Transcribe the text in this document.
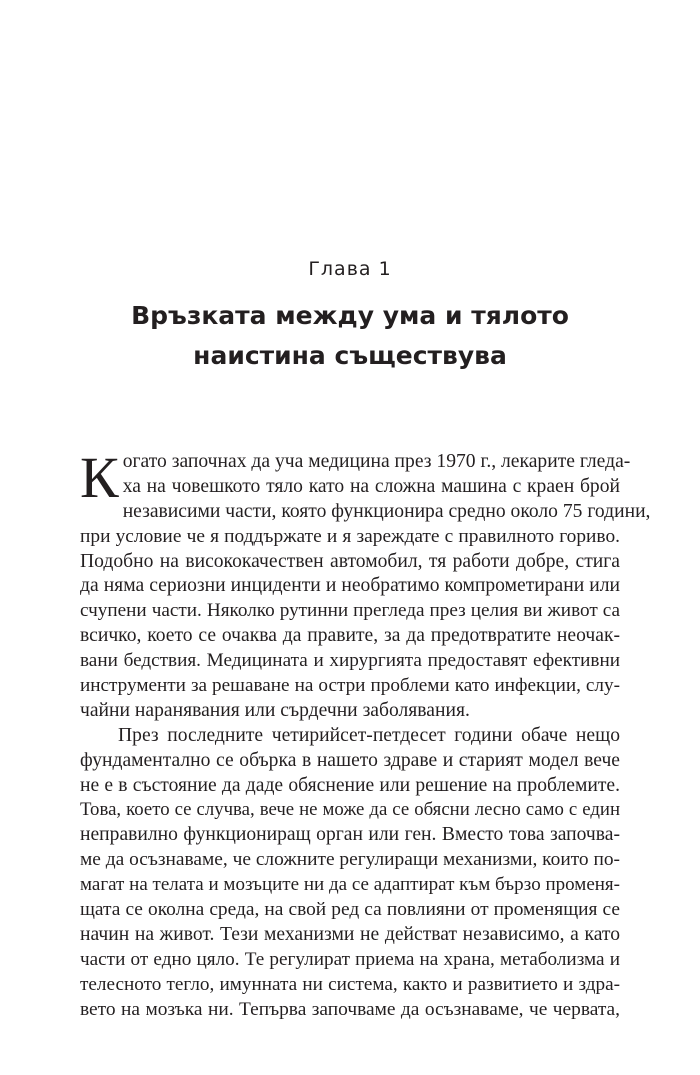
Глава 1
Връзката между ума и тялото
наистина съществува
К огато започнах да уча медицина през 1970 г., лекарите гледа-
ха на човешкото тяло като на сложна машина с краен брой
независими части, която функционира средно около 75 години,
при условие че я поддържате и я зареждате с правилното гориво.
Подобно на висококачествен автомобил, тя работи добре, стига
да няма сериозни инциденти и необратимо компрометирани или
счупени части. Няколко рутинни прегледа през целия ви живот са
всичко, което се очаква да правите, за да предотвратите неочак-
вани бедствия. Медицината и хирургията предоставят ефективни
инструменти за решаване на остри проблеми като инфекции, слу-
чайни наранявания или сърдечни заболявания.
През последните четирийсет-петдесет години обаче нещо
фундаментално се обърка в нашето здраве и старият модел вече
не е в състояние да даде обяснение или решение на проблемите.
Това, което се случва, вече не може да се обясни лесно само с един
неправилно функциониращ орган или ген. Вместо това започва-
ме да осъзнаваме, че сложните регулиращи механизми, които по-
магат на телата и мозъците ни да се адаптират към бързо променя-
щата се околна среда, на свой ред са повлияни от променящия се
начин на живот. Тези механизми не действат независимо, а като
части от едно цяло. Те регулират приема на храна, метаболизма и
телесното тегло, имунната ни система, както и развитието и здра-
вето на мозъка ни. Тепърва започваме да осъзнаваме, че червата,
